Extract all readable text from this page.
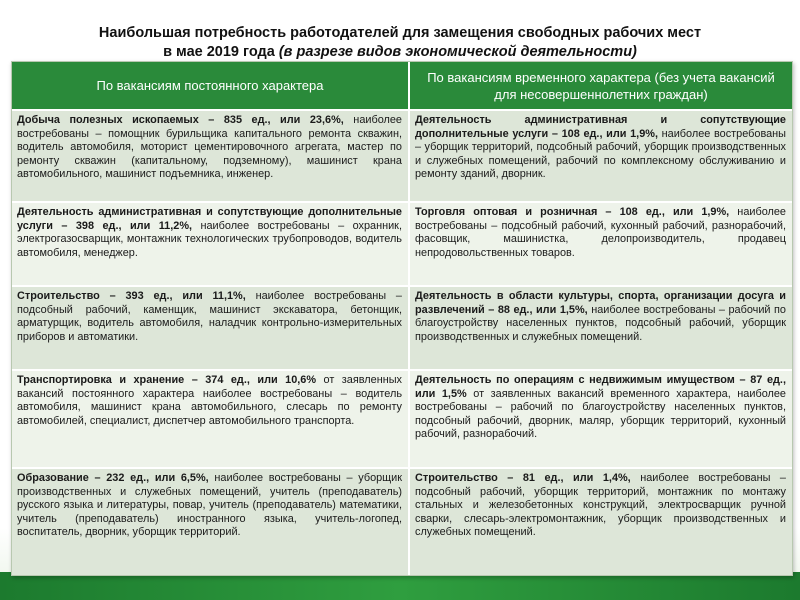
Наибольшая потребность работодателей для замещения свободных рабочих мест
в мае 2019 года (в разрезе видов экономической деятельности)
По вакансиям постоянного характера
По вакансиям временного характера (без учета вакансий для несовершеннолетних граждан)
Добыча полезных ископаемых – 835 ед., или 23,6%, наиболее востребованы – помощник бурильщика капитального ремонта скважин, водитель автомобиля, моторист цементировочного агрегата, мастер по ремонту скважин (капитальному, подземному), машинист крана автомобильного, машинист подъемника, инженер.
Деятельность административная и сопутствующие дополнительные услуги – 108 ед., или 1,9%, наиболее востребованы – уборщик территорий, подсобный рабочий, уборщик производственных и служебных помещений, рабочий по комплексному обслуживанию и ремонту зданий, дворник.
Деятельность административная и сопутствующие дополнительные услуги – 398 ед., или 11,2%, наиболее востребованы – охранник, электрогазосварщик, монтажник технологических трубопроводов, водитель автомобиля, менеджер.
Торговля оптовая и розничная – 108 ед., или 1,9%, наиболее востребованы – подсобный рабочий, кухонный рабочий, разнорабочий, фасовщик, машинистка, делопроизводитель, продавец непродовольственных товаров.
Строительство – 393 ед., или 11,1%, наиболее востребованы – подсобный рабочий, каменщик, машинист экскаватора, бетонщик, арматурщик, водитель автомобиля, наладчик контрольно-измерительных приборов и автоматики.
Деятельность в области культуры, спорта, организации досуга и развлечений – 88 ед., или 1,5%, наиболее востребованы – рабочий по благоустройству населенных пунктов, подсобный рабочий, уборщик производственных и служебных помещений.
Транспортировка и хранение – 374 ед., или 10,6% от заявленных вакансий постоянного характера наиболее востребованы – водитель автомобиля, машинист крана автомобильного, слесарь по ремонту автомобилей, специалист, диспетчер автомобильного транспорта.
Деятельность по операциям с недвижимым имуществом – 87 ед., или 1,5% от заявленных вакансий временного характера, наиболее востребованы – рабочий по благоустройству населенных пунктов, подсобный рабочий, дворник, маляр, уборщик территорий, кухонный рабочий, разнорабочий.
Образование – 232 ед., или 6,5%, наиболее востребованы – уборщик производственных и служебных помещений, учитель (преподаватель) русского языка и литературы, повар, учитель (преподаватель) математики, учитель (преподаватель) иностранного языка, учитель-логопед, воспитатель, дворник, уборщик территорий.
Строительство – 81 ед., или 1,4%, наиболее востребованы – подсобный рабочий, уборщик территорий, монтажник по монтажу стальных и железобетонных конструкций, электросварщик ручной сварки, слесарь-электромонтажник, уборщик производственных и служебных помещений.
